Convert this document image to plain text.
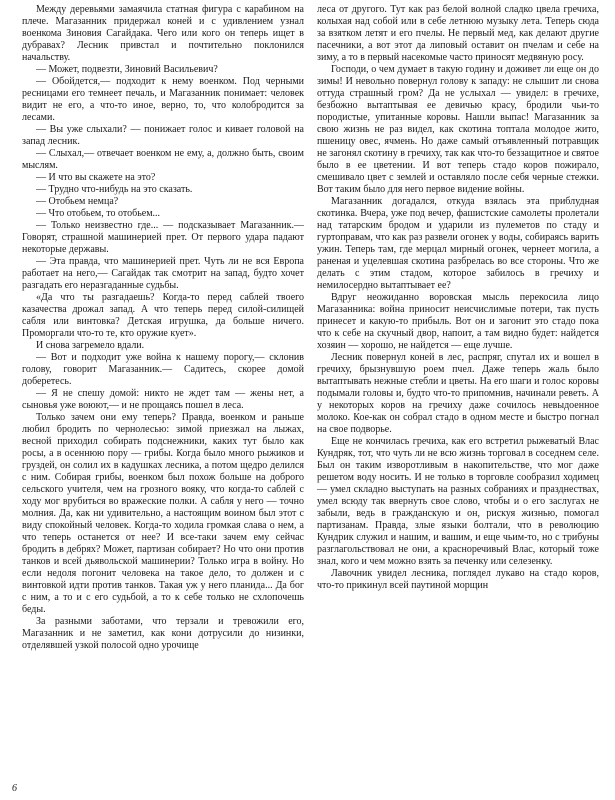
Между деревьями замаячила статная фигура с карабином на плече. Магазанник придержал коней и с удивлением узнал военкома Зиновия Сагайдака. Чего или кого он теперь ищет в дубравах? Лесник привстал и почтительно поклонился начальству.

— Может, подвезти, Зиновий Васильевич?

— Обойдется,— подходит к нему военком. Под черными ресницами его темнеет печаль, и Магазанник понимает: человек видит не его, а что-то иное, верно, то, что колобродится за лесами.

— Вы уже слыхали? — понижает голос и кивает головой на запад лесник.

— Слыхал,— отвечает военком не ему, а, должно быть, своим мыслям.

— И что вы скажете на это?

— Трудно что-нибудь на это сказать.

— Отобьем немца?

— Что отобьем, то отобьем...

— Только неизвестно где... — подсказывает Магазанник.— Говорят, страшной машинерией прет. От первого удара падают некоторые державы.

— Эта правда, что машинерией прет. Чуть ли не вся Европа работает на него,— Сагайдак так смотрит на запад, будто хочет разгадать его неразгаданные судьбы.

«Да что ты разгадаешь? Когда-то перед саблей твоего казачества дрожал запад. А что теперь перед силой-силищей сабля или винтовка? Детская игрушка, да больше ничего. Проморгали что-то те, кто оружие кует».

И снова загремело вдали.

— Вот и подходит уже война к нашему порогу,— склонив голову, говорит Магазанник.— Садитесь, скорее домой доберетесь.

— Я не спешу домой: никто не ждет там — жены нет, а сыновья уже воюют,— и не прощаясь пошел в леса.

Только зачем они ему теперь? Правда, военком и раньше любил бродить по чернолесью: зимой приезжал на лыжах, весной приходил собирать подснежники, каких тут было как росы, а в осеннюю пору — грибы. Когда было много рыжиков и груздей, он солил их в кадушках лесника, а потом щедро делился с ним. Собирая грибы, военком был похож больше на доброго сельского учителя, чем на грозного вояку, что когда-то саблей с ходу мог врубиться во вражеские полки. А сабля у него — точно молния. Да, как ни удивительно, а настоящим воином был этот с виду спокойный человек. Когда-то ходила громкая слава о нем, а что теперь останется от нее? И все-таки зачем ему сейчас бродить в дебрях? Может, партизан собирает? Но что они против танков и всей дьявольской машинерии? Только игра в войну. Но если недоля погонит человека на такое дело, то должен и с винтовкой идти против танков. Такая уж у него планида... Да бог с ним, а то и с его судьбой, а то к себе только не схлопочешь беды.

За разными заботами, что терзали и тревожили его, Магазанник и не заметил, как кони дотрусили до низинки, отделявшей узкой полосой одно урочище

леса от другого. Тут как раз белой волной сладко цвела гречиха, колыхая над собой или в себе летнюю музыку лета. Теперь сюда за взятком летят и его пчелы. Не первый мед, как делают другие пасечники, а вот этот да липовый оставит он пчелам и себе на зиму, а то в первый насекомые часто приносят медвяную росу.

Господи, о чем думает в такую годину и доживет ли еще он до зимы! И невольно повернул голову к западу: не слышит ли снова оттуда страшный гром? Да не услыхал — увидел: в гречихе, безбожно вытаптывая ее девичью красу, бродили чьи-то породистые, упитанные коровы. Нашли выпас! Магазанник за свою жизнь не раз видел, как скотина топтала молодое жито, пшеницу овес, ячмень. Но даже самый отъявленный потравщик не загонял скотину в гречиху, так как что-то беззащитное и святое было в ее цветении. И вот теперь стадо коров пожирало, смешивало цвет с землей и оставляло после себя черные стежки. Вот таким было для него первое видение войны.

Магазанник догадался, откуда взялась эта приблудная скотинка. Вчера, уже под вечер, фашистские самолеты пролетали над татарским бродом и ударили из пулеметов по стаду и гуртоправам, что как раз развели огонек у воды, собираясь варить ужин. Теперь там, где мерцал мирный огонек, чернеет могила, а раненая и уцелевшая скотина разбрелась во все стороны. Что же делать с этим стадом, которое забилось в гречиху и немилосердно вытаптывает ее?

Вдруг неожиданно воровская мысль перекосила лицо Магазанника: война приносит неисчислимые потери, так пусть принесет и какую-то прибыль. Вот он и загонит это стадо пока что к себе на скучный двор, напоит, а там видно будет: найдется хозяин — хорошо, не найдется — еще лучше.

Лесник повернул коней в лес, распряг, спутал их и вошел в гречиху, брызнувшую роем пчел. Даже теперь жаль было вытаптывать нежные стебли и цветы. На его шаги и голос коровы подымали головы и, будто что-то припомнив, начинали реветь. А у некоторых коров на гречиху даже сочилось невыдоенное молоко. Кое-как он собрал стадо в одном месте и быстро погнал на свое подворье.

Еще не кончилась гречиха, как его встретил рыжеватый Влас Кундряк, тот, что чуть ли не всю жизнь торговал в соседнем селе. Был он таким изворотливым в накопительстве, что мог даже решетом воду носить. И не только в торговле сообразил ходимец — умел складно выступать на разных собраниях и празднествах, умел всюду так ввернуть свое слово, чтобы и о его заслугах не забыли, ведь в гражданскую и он, рискуя жизнью, помогал партизанам. Правда, злые языки болтали, что в революцию Кундрик служил и нашим, и вашим, и еще чьим-то, но с трибуны разглагольствовал не они, а красноречивый Влас, который тоже знал, кого и чем можно взять за печенку или селезенку.

Лавочник увидел лесника, поглядел лукаво на стадо коров, что-то прикинул всей паутиной морщин

6
